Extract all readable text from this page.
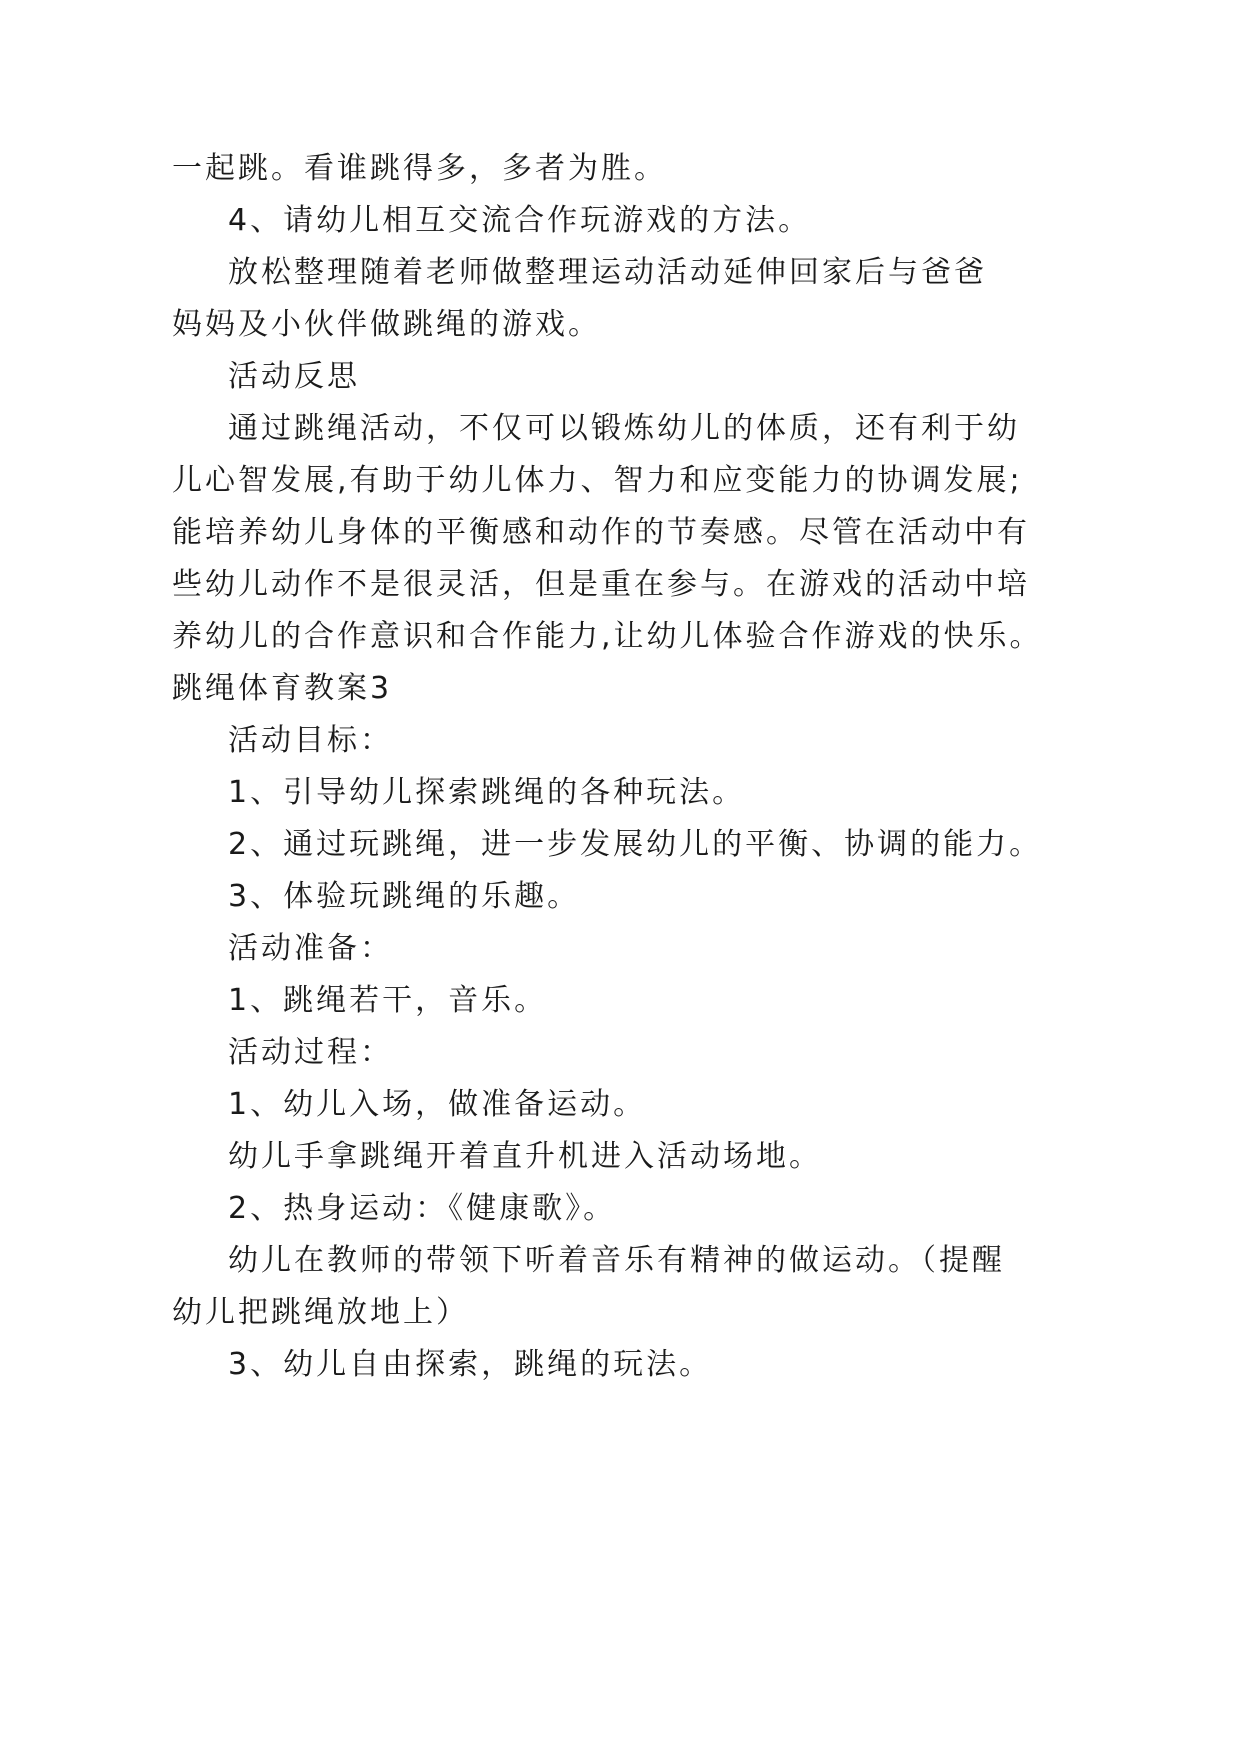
一起跳。看谁跳得多，多者为胜。
4、请幼儿相互交流合作玩游戏的方法。
放松整理随着老师做整理运动活动延伸回家后与爸爸
妈妈及小伙伴做跳绳的游戏。
活动反思
通过跳绳活动，不仅可以锻炼幼儿的体质，还有利于幼
儿心智发展,有助于幼儿体力、智力和应变能力的协调发展;
能培养幼儿身体的平衡感和动作的节奏感。尽管在活动中有
些幼儿动作不是很灵活，但是重在参与。在游戏的活动中培
养幼儿的合作意识和合作能力,让幼儿体验合作游戏的快乐。
跳绳体育教案3
活动目标：
1、引导幼儿探索跳绳的各种玩法。
2、通过玩跳绳，进一步发展幼儿的平衡、协调的能力。
3、体验玩跳绳的乐趣。
活动准备：
1、跳绳若干，音乐。
活动过程：
1、幼儿入场，做准备运动。
幼儿手拿跳绳开着直升机进入活动场地。
2、热身运动：《健康歌》。
幼儿在教师的带领下听着音乐有精神的做运动。（提醒
幼儿把跳绳放地上）
3、幼儿自由探索，跳绳的玩法。
